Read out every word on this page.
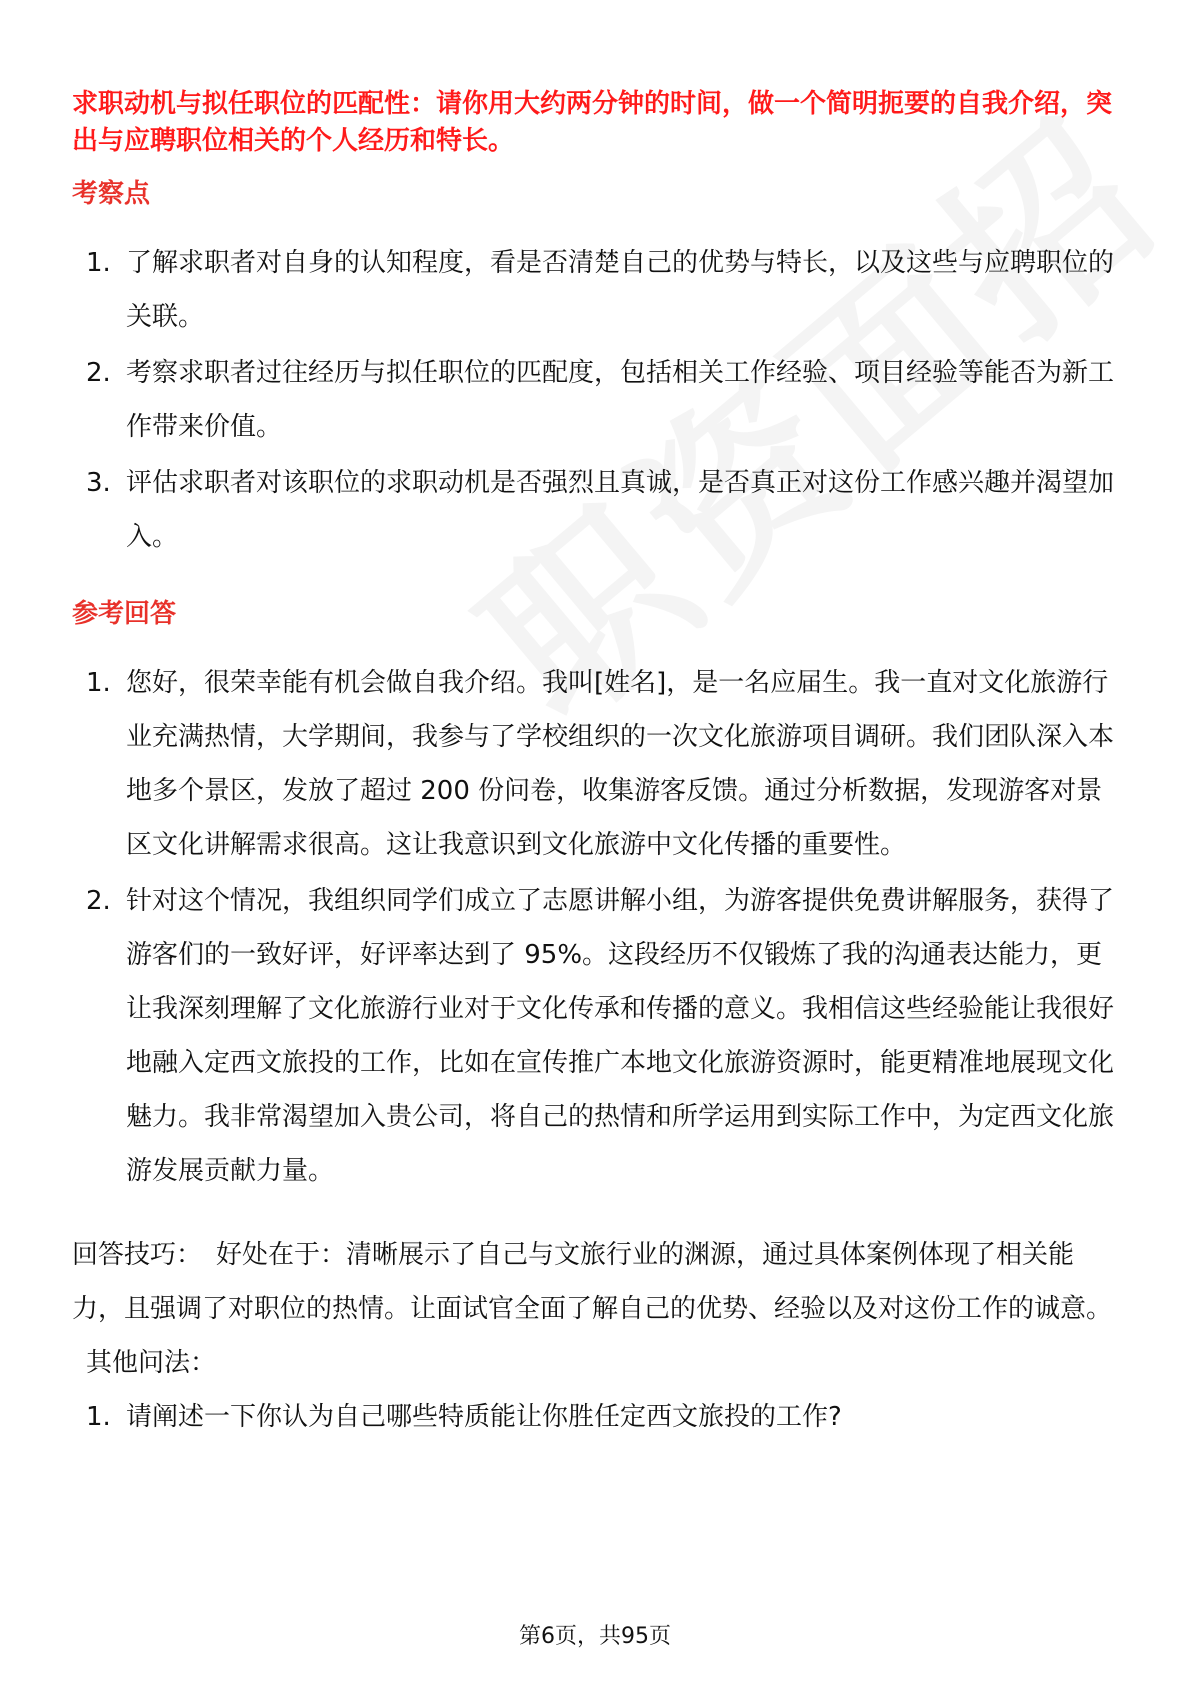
求职动机与拟任职位的匹配性：请你用大约两分钟的时间，做一个简明扼要的自我介绍，突出与应聘职位相关的个人经历和特长。

考察点
1. 了解求职者对自身的认知程度，看是否清楚自己的优势与特长，以及这些与应聘职位的关联。
2. 考察求职者过往经历与拟任职位的匹配度，包括相关工作经验、项目经验等能否为新工作带来价值。
3. 评估求职者对该职位的求职动机是否强烈且真诚，是否真正对这份工作感兴趣并渴望加入。
参考回答
1. 您好，很荣幸能有机会做自我介绍。我叫[姓名]，是一名应届生。我一直对文化旅游行业充满热情，大学期间，我参与了学校组织的一次文化旅游项目调研。我们团队深入本地多个景区，发放了超过 200 份问卷，收集游客反馈。通过分析数据，发现游客对景区文化讲解需求很高。这让我意识到文化旅游中文化传播的重要性。
2. 针对这个情况，我组织同学们成立了志愿讲解小组，为游客提供免费讲解服务，获得了游客们的一致好评，好评率达到了 95%。这段经历不仅锻炼了我的沟通表达能力，更让我深刻理解了文化旅游行业对于文化传承和传播的意义。我相信这些经验能让我很好地融入定西文旅投的工作，比如在宣传推广本地文化旅游资源时，能更精准地展现文化魅力。我非常渴望加入贵公司，将自己的热情和所学运用到实际工作中，为定西文化旅游发展贡献力量。
回答技巧： 好处在于：清晰展示了自己与文旅行业的渊源，通过具体案例体现了相关能力，且强调了对职位的热情。让面试官全面了解自己的优势、经验以及对这份工作的诚意。其他问法：
1. 请阐述一下你认为自己哪些特质能让你胜任定西文旅投的工作?
第6页，共95页
